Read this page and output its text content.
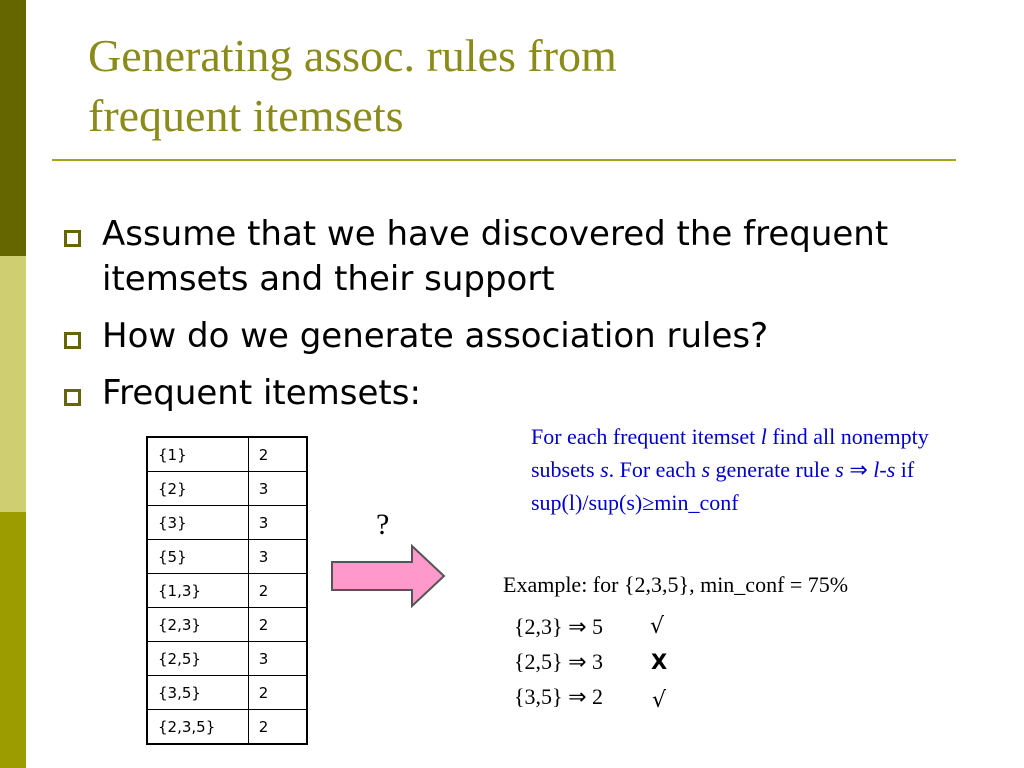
Generating assoc. rules from
frequent itemsets
Assume that we have discovered the frequent itemsets and their support
How do we generate association rules?
Frequent itemsets:
{1}	2
{2}	3
{3}	3
{5}	3
{1,3}	2
{2,3}	2
{2,5}	3
{3,5}	2
{2,3,5}	2
?
For each frequent itemset l find all nonempty subsets s. For each s generate rule s ⇒ l-s if sup(l)/sup(s)≥min_conf
Example: for {2,3,5}, min_conf = 75%
{2,3} ⇒ 5 √
{2,5} ⇒ 3 X
{3,5} ⇒ 2 √
